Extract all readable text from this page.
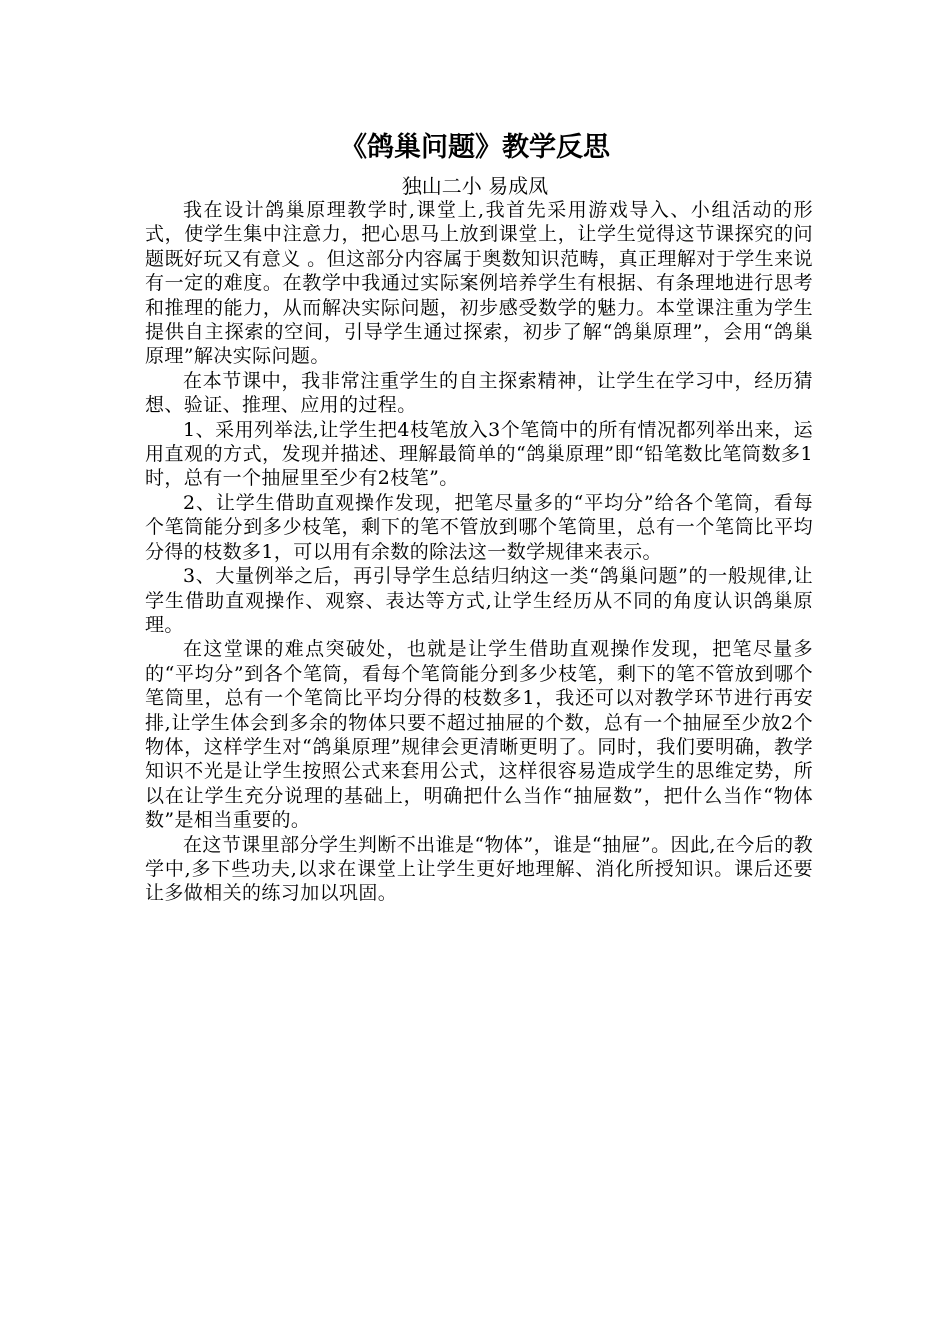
《鸽巢问题》教学反思
独山二小 易成凤

我在设计鸽巢原理教学时,课堂上,我首先采用游戏导入、小组活动的形式，使学生集中注意力，把心思马上放到课堂上，让学生觉得这节课探究的问题既好玩又有意义 。但这部分内容属于奥数知识范畴，真正理解对于学生来说有一定的难度。在教学中我通过实际案例培养学生有根据、有条理地进行思考和推理的能力，从而解决实际问题，初步感受数学的魅力。本堂课注重为学生提供自主探索的空间，引导学生通过探索，初步了解“鸽巢原理”，会用“鸽巢原理”解决实际问题。

在本节课中，我非常注重学生的自主探索精神，让学生在学习中，经历猜想、验证、推理、应用的过程。

1、采用列举法,让学生把4枝笔放入3个笔筒中的所有情况都列举出来，运用直观的方式，发现并描述、理解最简单的“鸽巢原理”即“铅笔数比笔筒数多1时，总有一个抽屉里至少有2枝笔”。

2、让学生借助直观操作发现，把笔尽量多的“平均分”给各个笔筒，看每个笔筒能分到多少枝笔，剩下的笔不管放到哪个笔筒里，总有一个笔筒比平均分得的枝数多1，可以用有余数的除法这一数学规律来表示。

3、大量例举之后，再引导学生总结归纳这一类“鸽巢问题”的一般规律,让学生借助直观操作、观察、表达等方式,让学生经历从不同的角度认识鸽巢原理。

在这堂课的难点突破处，也就是让学生借助直观操作发现，把笔尽量多的“平均分”到各个笔筒，看每个笔筒能分到多少枝笔，剩下的笔不管放到哪个笔筒里，总有一个笔筒比平均分得的枝数多1，我还可以对教学环节进行再安排,让学生体会到多余的物体只要不超过抽屉的个数，总有一个抽屉至少放2个物体，这样学生对“鸽巢原理”规律会更清晰更明了。同时，我们要明确，教学知识不光是让学生按照公式来套用公式，这样很容易造成学生的思维定势，所以在让学生充分说理的基础上，明确把什么当作“抽屉数”，把什么当作“物体数”是相当重要的。

在这节课里部分学生判断不出谁是“物体”，谁是“抽屉”。因此,在今后的教学中,多下些功夫,以求在课堂上让学生更好地理解、消化所授知识。课后还要让多做相关的练习加以巩固。
